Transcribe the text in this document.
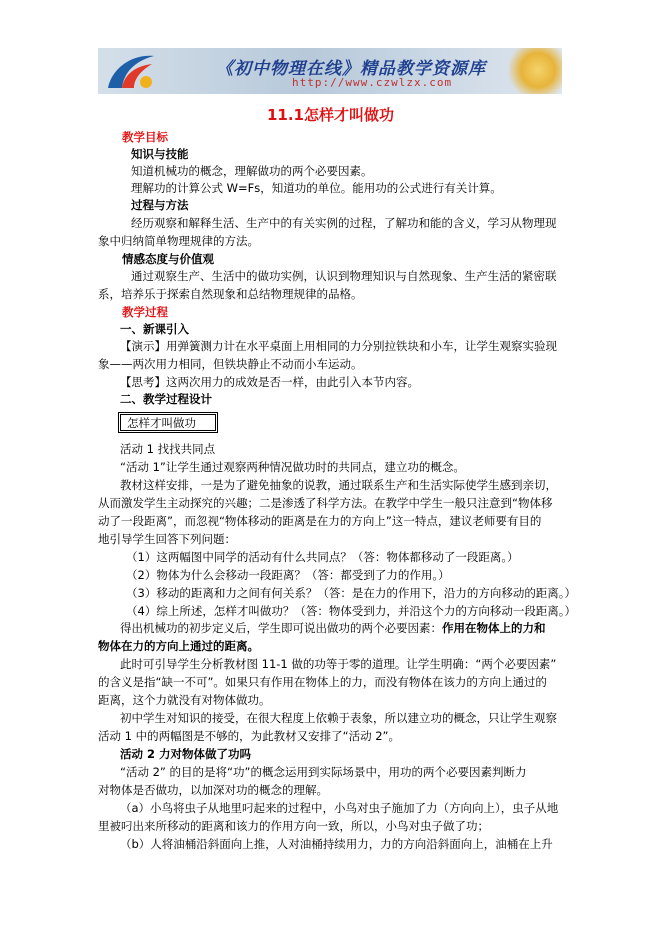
《初中物理在线》精品教学资源库
http://www.czwlzx.com
11.1怎样才叫做功
教学目标
知识与技能
知道机械功的概念，理解做功的两个必要因素。
理解功的计算公式 W=Fs，知道功的单位。能用功的公式进行有关计算。
过程与方法
经历观察和解释生活、生产中的有关实例的过程，了解功和能的含义，学习从物理现
象中归纳简单物理规律的方法。
情感态度与价值观
通过观察生产、生活中的做功实例，认识到物理知识与自然现象、生产生活的紧密联
系，培养乐于探索自然现象和总结物理规律的品格。
教学过程
一、新课引入
【演示】用弹簧测力计在水平桌面上用相同的力分别拉铁块和小车，让学生观察实验现
象——两次用力相同，但铁块静止不动而小车运动。
【思考】这两次用力的成效是否一样，由此引入本节内容。
二、教学过程设计
怎样才叫做功
活动 1 找找共同点
“活动 1”让学生通过观察两种情况做功时的共同点，建立功的概念。
教材这样安排，一是为了避免抽象的说教，通过联系生产和生活实际使学生感到亲切，
从而激发学生主动探究的兴趣；二是渗透了科学方法。在教学中学生一般只注意到“物体移
动了一段距离”，而忽视“物体移动的距离是在力的方向上”这一特点，建议老师要有目的
地引导学生回答下列问题：
（1）这两幅图中同学的活动有什么共同点？（答：物体都移动了一段距离。）
（2）物体为什么会移动一段距离？（答：都受到了力的作用。）
（3）移动的距离和力之间有何关系？（答：是在力的作用下，沿力的方向移动的距离。）
（4）综上所述，怎样才叫做功？（答：物体受到力，并沿这个力的方向移动一段距离。）
得出机械功的初步定义后，学生即可说出做功的两个必要因素：作用在物体上的力和
物体在力的方向上通过的距离。
此时可引导学生分析教材图 11-1 做的功等于零的道理。让学生明确：“两个必要因素”
的含义是指“缺一不可”。如果只有作用在物体上的力，而没有物体在该力的方向上通过的
距离，这个力就没有对物体做功。
初中学生对知识的接受，在很大程度上依赖于表象，所以建立功的概念，只让学生观察
活动 1 中的两幅图是不够的，为此教材又安排了“活动 2”。
活动 2 力对物体做了功吗
“活动 2” 的目的是将“功”的概念运用到实际场景中，用功的两个必要因素判断力
对物体是否做功，以加深对功的概念的理解。
（a）小鸟将虫子从地里叼起来的过程中，小鸟对虫子施加了力（方向向上），虫子从地
里被叼出来所移动的距离和该力的作用方向一致，所以，小鸟对虫子做了功；
（b）人将油桶沿斜面向上推，人对油桶持续用力，力的方向沿斜面向上，油桶在上升
